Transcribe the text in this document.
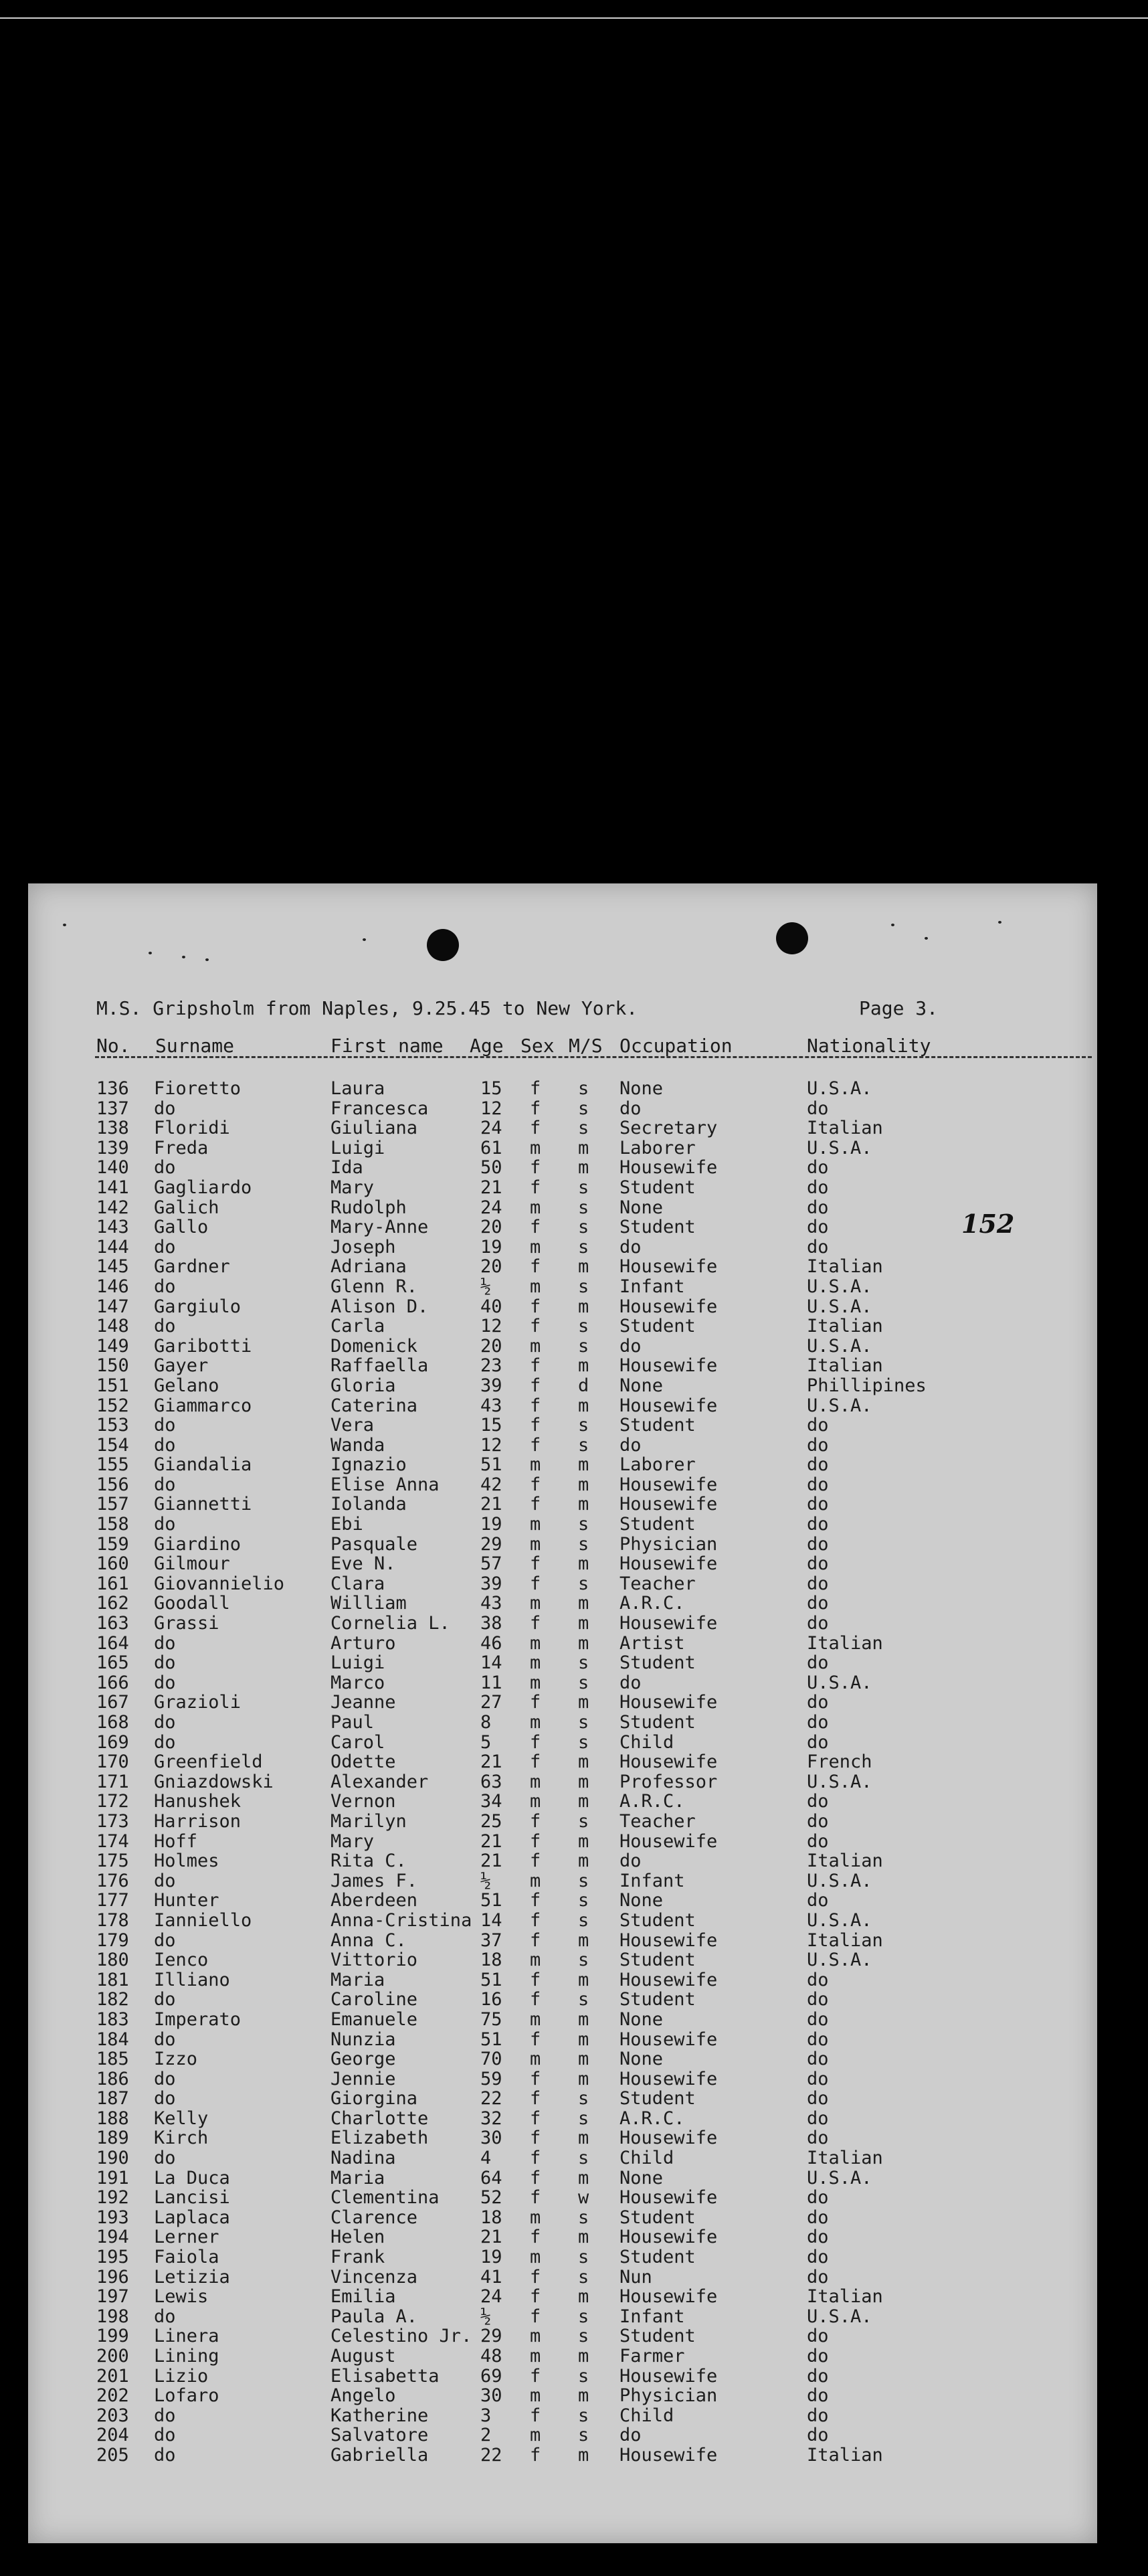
M.S. Gripsholm from Naples, 9.25.45 to New York.	Page 3.
No. Surname	First name Age Sex M/S Occupation	Nationality
152
136 Fioretto	Laura	15 f s None	U.S.A.
137 do	Francesca	12 f s do	do
138 Floridi	Giuliana	24 f s Secretary	Italian
139 Freda	Luigi	61 m m Laborer	U.S.A.
140 do	Ida	50 f m Housewife	do
141 Gagliardo	Mary	21 f s Student	do
142 Galich	Rudolph	24 m s None	do
143 Gallo	Mary-Anne	20 f s Student	do
144 do	Joseph	19 m s do	do
145 Gardner	Adriana	20 f m Housewife	Italian
146 do	Glenn R.	½ m s Infant	U.S.A.
147 Gargiulo	Alison D.	40 f m Housewife	U.S.A.
148 do	Carla	12 f s Student	Italian
149 Garibotti	Domenick	20 m s do	U.S.A.
150 Gayer	Raffaella	23 f m Housewife	Italian
151 Gelano	Gloria	39 f d None	Phillipines
152 Giammarco	Caterina	43 f m Housewife	U.S.A.
153 do	Vera	15 f s Student	do
154 do	Wanda	12 f s do	do
155 Giandalia	Ignazio	51 m m Laborer	do
156 do	Elise Anna 42 f m Housewife	do
157 Giannetti	Iolanda	21 f m Housewife	do
158 do	Ebi	19 m s Student	do
159 Giardino	Pasquale	29 m s Physician	do
160 Gilmour	Eve N.	57 f m Housewife	do
161 Giovannielio	Clara	39 f s Teacher	do
162 Goodall	William	43 m m A.R.C.	do
163 Grassi	Cornelia L. 38 f m Housewife	do
164 do	Arturo	46 m m Artist	Italian
165 do	Luigi	14 m s Student	do
166 do	Marco	11 m s do	U.S.A.
167 Grazioli	Jeanne	27 f m Housewife	do
168 do	Paul	8 m s Student	do
169 do	Carol	5 f s Child	do
170 Greenfield	Odette	21 f m Housewife	French
171 Gniazdowski	Alexander	63 m m Professor	U.S.A.
172 Hanushek	Vernon	34 m m A.R.C.	do
173 Harrison	Marilyn	25 f s Teacher	do
174 Hoff	Mary	21 f m Housewife	do
175 Holmes	Rita C.	21 f m do	Italian
176 do	James F.	½ m s Infant	U.S.A.
177 Hunter	Aberdeen	51 f s None	do
178 Ianniello	Anna-Cristina 14 f s Student	U.S.A.
179 do	Anna C.	37 f m Housewife	Italian
180 Ienco	Vittorio	18 m s Student	U.S.A.
181 Illiano	Maria	51 f m Housewife	do
182 do	Caroline	16 f s Student	do
183 Imperato	Emanuele	75 m m None	do
184 do	Nunzia	51 f m Housewife	do
185 Izzo	George	70 m m None	do
186 do	Jennie	59 f m Housewife	do
187 do	Giorgina	22 f s Student	do
188 Kelly	Charlotte	32 f s A.R.C.	do
189 Kirch	Elizabeth	30 f m Housewife	do
190 do	Nadina	4 f s Child	Italian
191 La Duca	Maria	64 f m None	U.S.A.
192 Lancisi	Clementina 52 f w Housewife	do
193 Laplaca	Clarence	18 m s Student	do
194 Lerner	Helen	21 f m Housewife	do
195 Faiola	Frank	19 m s Student	do
196 Letizia	Vincenza	41 f s Nun	do
197 Lewis	Emilia	24 f m Housewife	Italian
198 do	Paula A.	½ f s Infant	U.S.A.
199 Linera	Celestino Jr. 29 m s Student	do
200 Lining	August	48 m m Farmer	do
201 Lizio	Elisabetta 69 f s Housewife	do
202 Lofaro	Angelo	30 m m Physician	do
203 do	Katherine	3 f s Child	do
204 do	Salvatore	2 m s do	do
205 do	Gabriella	22 f m Housewife	Italian
